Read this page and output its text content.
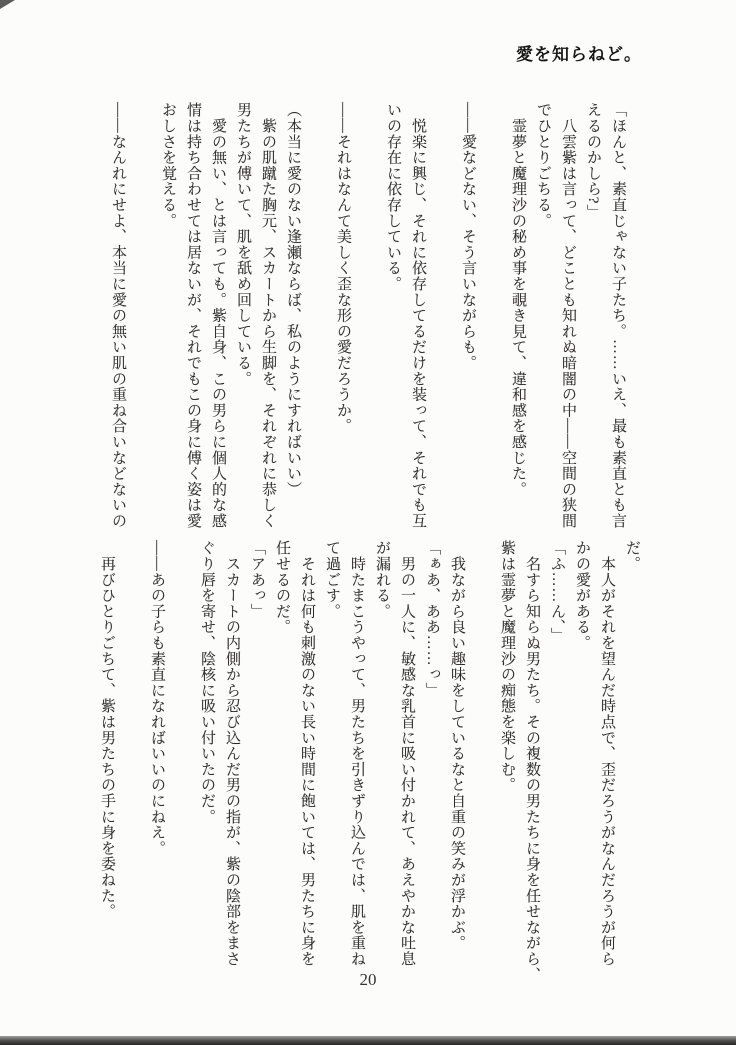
愛を知らねど。
「ほんと、素直じゃない子たち。……いえ、最も素直とも言
えるのかしら?」
　八雲紫は言って、どことも知れぬ暗闇の中――空間の狭間
でひとりごちる。
　霊夢と魔理沙の秘め事を覗き見て、違和感を感じた。
――愛などない、そう言いながらも。
　悦楽に興じ、それに依存してるだけを装って、それでも互
いの存在に依存している。
――それはなんて美しく歪な形の愛だろうか。
（本当に愛のない逢瀬ならば、私のようにすればいい）
　紫の肌蹴た胸元、スカートから生脚を、それぞれに恭しく
男たちが傅いて、肌を舐め回している。
　愛の無い、とは言っても。紫自身、この男らに個人的な感
情は持ち合わせては居ないが、それでもこの身に傅く姿は愛
おしさを覚える。
――なんれにせよ、本当に愛の無い肌の重ね合いなどないの
だ。
　本人がそれを望んだ時点で、歪だろうがなんだろうが何ら
かの愛がある。
「ふ……ん、」
　名すら知らぬ男たち。その複数の男たちに身を任せながら、
紫は霊夢と魔理沙の痴態を楽しむ。
　我ながら良い趣味をしているなと自重の笑みが浮かぶ。
「ぁあ、ああ……っ」
　男の一人に、敏感な乳首に吸い付かれて、あえやかな吐息
が漏れる。
　時たまこうやって、男たちを引きずり込んでは、肌を重ね
て過ごす。
　それは何も刺激のない長い時間に飽いては、男たちに身を
任せるのだ。
「アあっ」
　スカートの内側から忍び込んだ男の指が、紫の陰部をまさ
ぐり唇を寄せ、陰核に吸い付いたのだ。
――あの子らも素直になればいいのにねえ。
　再びひとりごちて、紫は男たちの手に身を委ねた。
20
